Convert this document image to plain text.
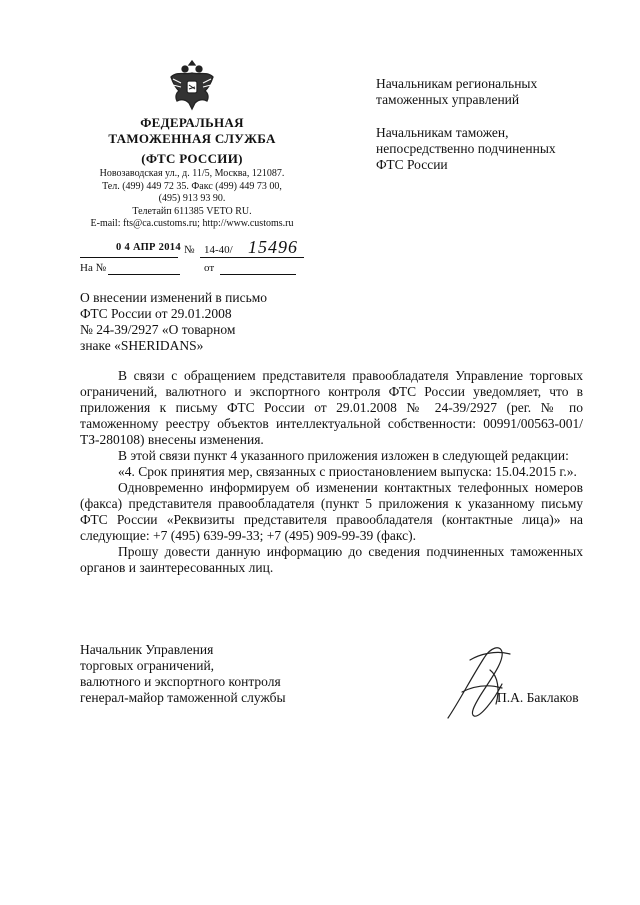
ФЕДЕРАЛЬНАЯ
ТАМОЖЕННАЯ СЛУЖБА
(ФТС РОССИИ)
Новозаводская ул., д. 11/5, Москва, 121087.
Тел. (499) 449 72 35. Факс (499) 449 73 00,
(495) 913 93 90.
Телетайп 611385 VETO RU.
E-mail: fts@ca.customs.ru; http://www.customs.ru
Начальникам региональных
таможенных управлений
Начальникам таможен,
непосредственно подчиненных
ФТС России
0 4 АПР 2014 № 14-40/ 15496
На №	от
О внесении изменений в письмо
ФТС России от 29.01.2008
№ 24-39/2927 «О товарном
знаке «SHERIDANS»

В связи с обращением представителя правообладателя Управление торговых ограничений, валютного и экспортного контроля ФТС России уведомляет, что в приложения к письму ФТС России от 29.01.2008 № 24-39/2927 (рег. № по таможенному реестру объектов интеллектуальной собственности: 00991/00563-001/ТЗ-280108) внесены изменения.

В этой связи пункт 4 указанного приложения изложен в следующей редакции:

«4. Срок принятия мер, связанных с приостановлением выпуска: 15.04.2015 г.».

Одновременно информируем об изменении контактных телефонных номеров (факса) представителя правообладателя (пункт 5 приложения к указанному письму ФТС России «Реквизиты представителя правообладателя (контактные лица)» на следующие: +7 (495) 639-99-33; +7 (495) 909-99-39 (факс).

Прошу довести данную информацию до сведения подчиненных таможенных органов и заинтересованных лиц.

Начальник Управления
торговых ограничений,
валютного и экспортного контроля
генерал-майор таможенной службы	П.А. Баклаков
